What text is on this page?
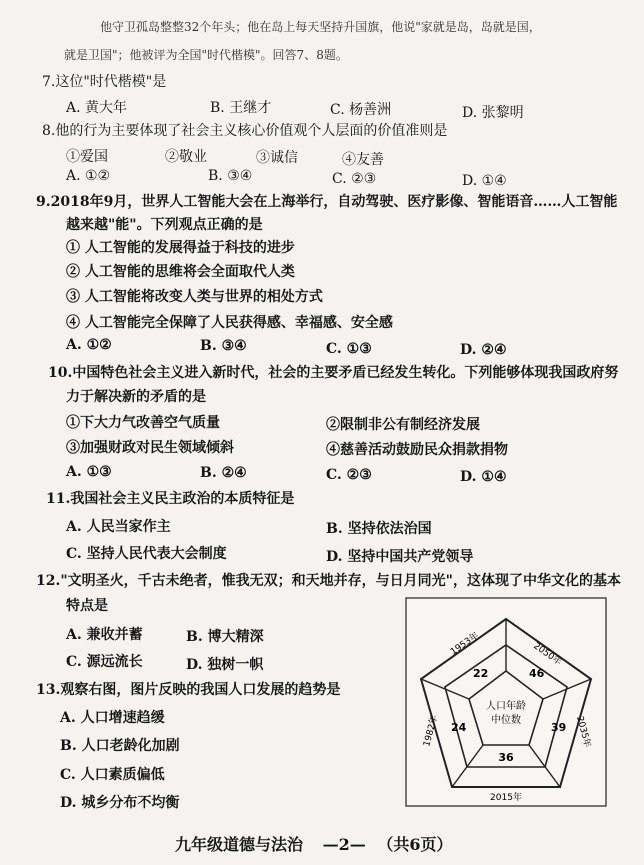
他守卫孤岛整整32个年头；他在岛上每天坚持升国旗，他说"家就是岛，岛就是国，
就是卫国"；他被评为全国"时代楷模"。回答7、8题。
7.这位"时代楷模"是
A. 黄大年	B. 王继才	C. 杨善洲	D. 张黎明
8.他的行为主要体现了社会主义核心价值观个人层面的价值准则是
①爱国	②敬业	③诚信	④友善
A. ①②	B. ③④	C. ②③	D. ①④
9.2018年9月，世界人工智能大会在上海举行，自动驾驶、医疗影像、智能语音……人工智能
越来越"能"。下列观点正确的是
① 人工智能的发展得益于科技的进步
② 人工智能的思维将会全面取代人类
③ 人工智能将改变人类与世界的相处方式
④ 人工智能完全保障了人民获得感、幸福感、安全感
A. ①②	B. ③④	C. ①③	D. ②④
10.中国特色社会主义进入新时代，社会的主要矛盾已经发生转化。下列能够体现我国政府努
力于解决新的矛盾的是
①下大力气改善空气质量	②限制非公有制经济发展
③加强财政对民生领域倾斜	④慈善活动鼓励民众捐款捐物
A. ①③	B. ②④	C. ②③	D. ①④
11.我国社会主义民主政治的本质特征是
A. 人民当家作主	B. 坚持依法治国
C. 坚持人民代表大会制度	D. 坚持中国共产党领导
12."文明圣火，千古未绝者，惟我无双；和天地并存，与日月同光"，这体现了中华文化的基本
特点是
A. 兼收并蓄	B. 博大精深
C. 源远流长	D. 独树一帜
13.观察右图，图片反映的我国人口发展的趋势是
A. 人口增速趋缓
B. 人口老龄化加剧
C. 人口素质偏低
D. 城乡分布不均衡
人口年龄
中位数
1953年	2050年
2035年
2015年
1982年
22	46
39
36
24
九年级道德与法治 —2— （共6页）
